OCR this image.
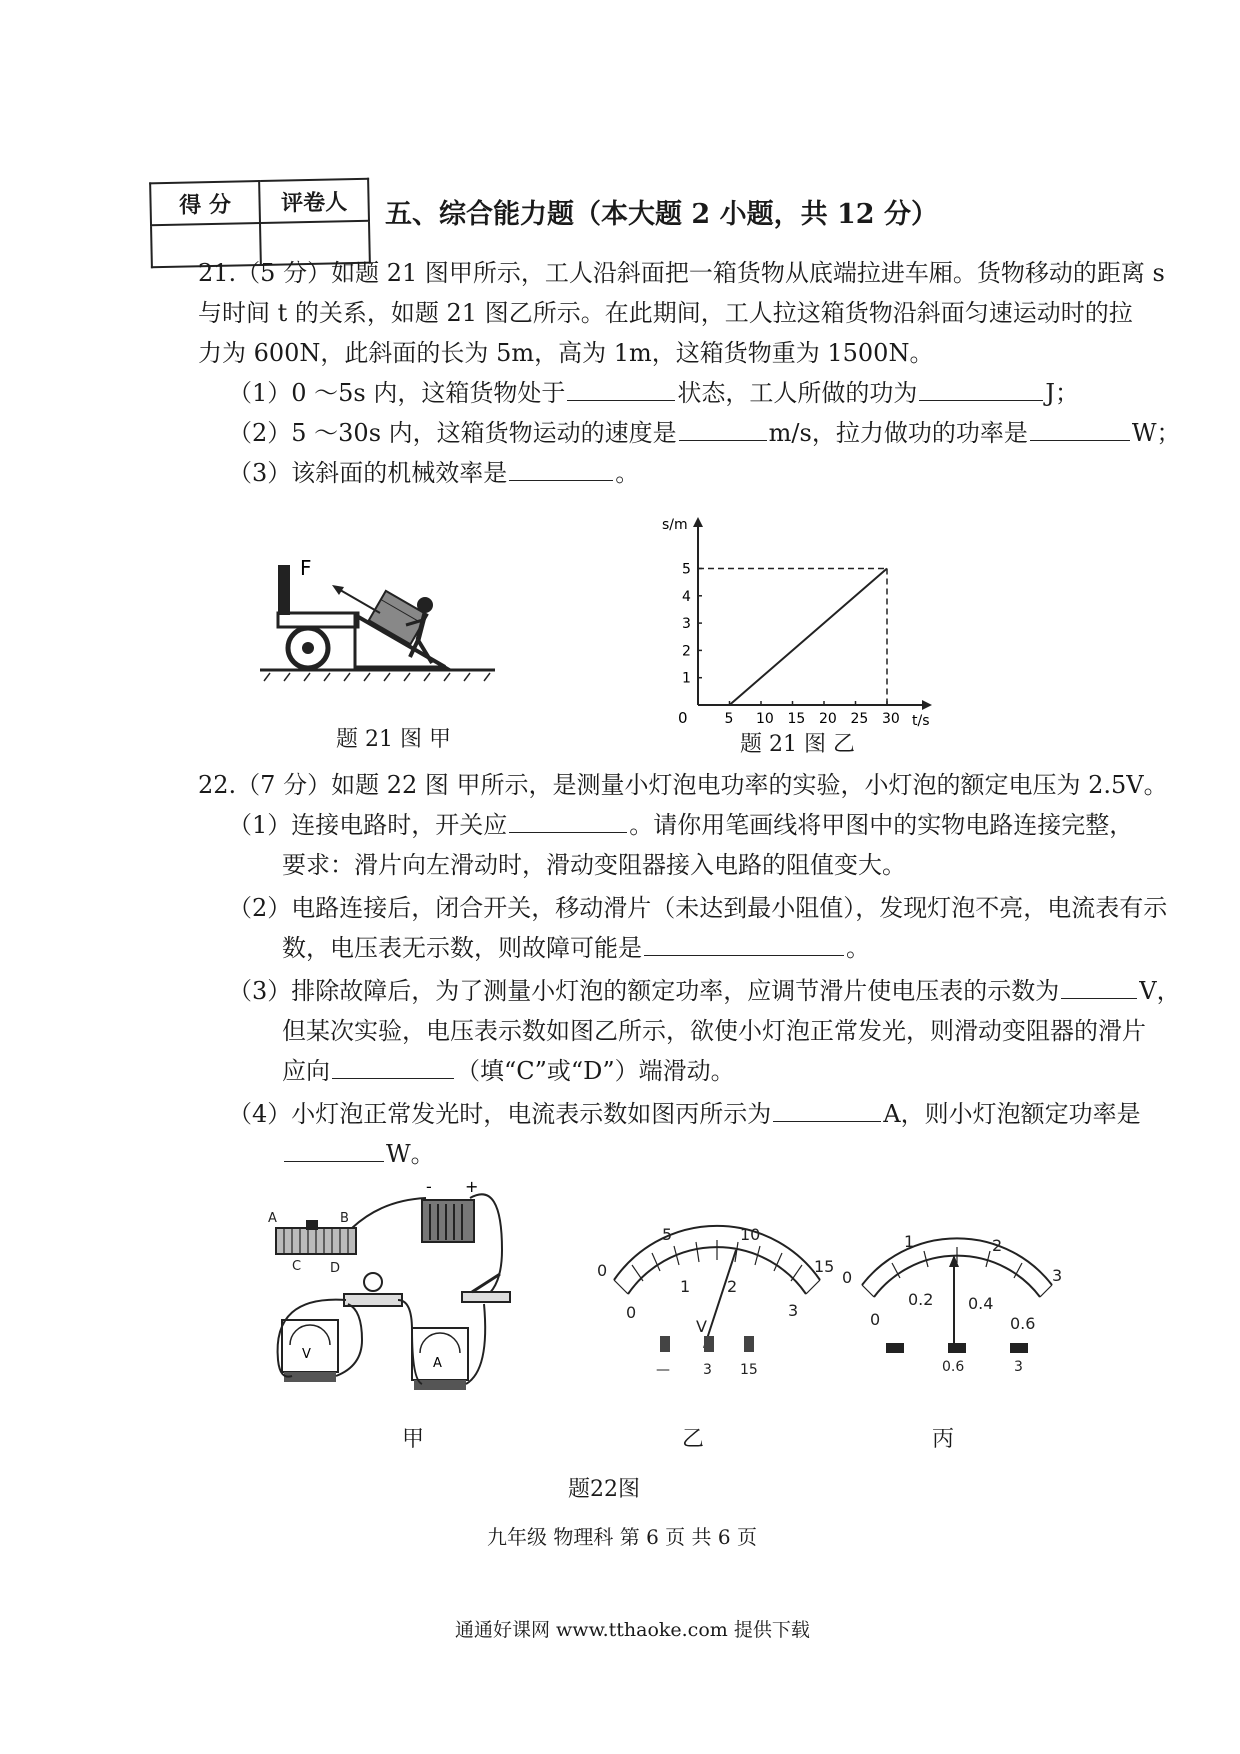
得 分	评卷人
	五、综合能力题（本大题 2 小题，共 12 分）
21.（5 分）如题 21 图甲所示，工人沿斜面把一箱货物从底端拉进车厢。货物移动的距离 s
与时间 t 的关系，如题 21 图乙所示。在此期间，工人拉这箱货物沿斜面匀速运动时的拉
力为 600N，此斜面的长为 5m，高为 1m，这箱货物重为 1500N。
（1）0 ～5s 内，这箱货物处于	状态，工人所做的功为	J；
（2）5 ～30s 内，这箱货物运动的速度是	m/s，拉力做功的功率是	W；
（3）该斜面的机械效率是	。
F
题 21 图 甲
t/s
s/m
0	5 10 15 20 25 30
1
2
3
4
5
题 21 图 乙
22.（7 分）如题 22 图 甲所示，是测量小灯泡电功率的实验，小灯泡的额定电压为 2.5V。
（1）连接电路时，开关应	。请你用笔画线将甲图中的实物电路连接完整，
要求：滑片向左滑动时，滑动变阻器接入电路的阻值变大。
（2）电路连接后，闭合开关，移动滑片（未达到最小阻值），发现灯泡不亮，电流表有示
数，电压表无示数，则故障可能是	。
（3）排除故障后，为了测量小灯泡的额定功率，应调节滑片使电压表的示数为	V，
但某次实验，电压表示数如图乙所示，欲使小灯泡正常发光，则滑动变阻器的滑片
应向	（填“C”或“D”）端滑动。
（4）小灯泡正常发光时，电流表示数如图丙所示为	A，则小灯泡额定功率是
W。
A	B
C D
- +
V
A
0
5	10
15
0
1 2
3
V
— 3 15
0
1	2
3
0
0.2 0.4
0.6
0.6	3
甲	乙	丙
题22图
九年级 物理科 第 6 页 共 6 页
通通好课网 www.tthaoke.com 提供下载
